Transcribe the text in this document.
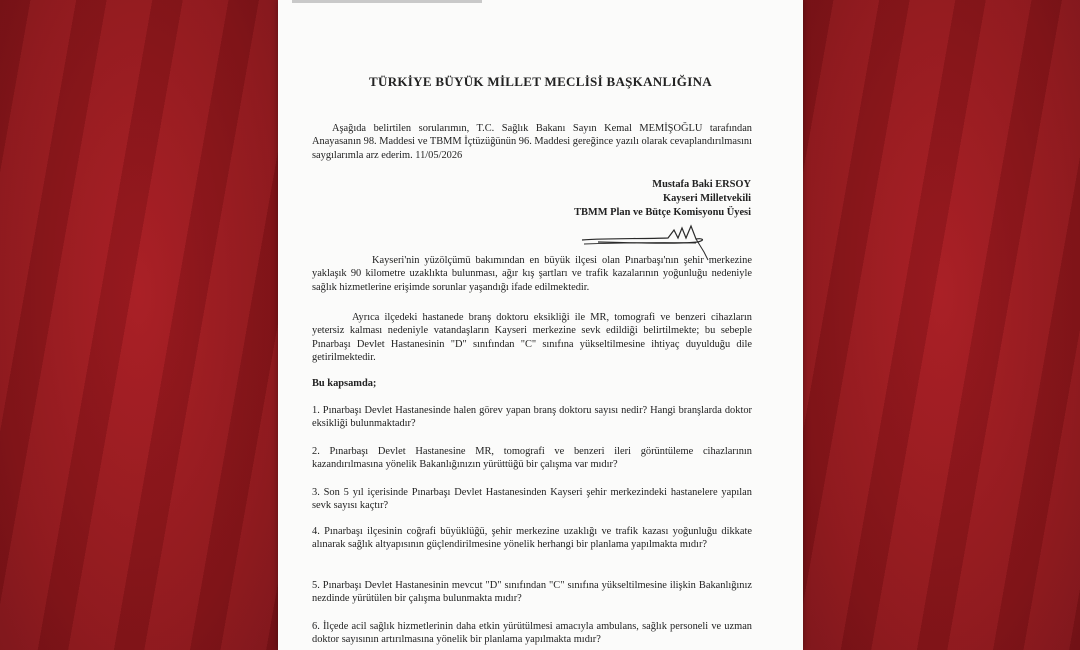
TÜRKİYE BÜYÜK MİLLET MECLİSİ BAŞKANLIĞINA
Aşağıda belirtilen sorularımın, T.C. Sağlık Bakanı Sayın Kemal MEMİŞOĞLU tarafından Anayasanın 98. Maddesi ve TBMM İçtüzüğünün 96. Maddesi gereğince yazılı olarak cevaplandırılmasını saygılarımla arz ederim. 11/05/2026
Mustafa Baki ERSOY
Kayseri Milletvekili
TBMM Plan ve Bütçe Komisyonu Üyesi
Kayseri'nin yüzölçümü bakımından en büyük ilçesi olan Pınarbaşı'nın şehir merkezine yaklaşık 90 kilometre uzaklıkta bulunması, ağır kış şartları ve trafik kazalarının yoğunluğu nedeniyle sağlık hizmetlerine erişimde sorunlar yaşandığı ifade edilmektedir.
Ayrıca ilçedeki hastanede branş doktoru eksikliği ile MR, tomografi ve benzeri cihazların yetersiz kalması nedeniyle vatandaşların Kayseri merkezine sevk edildiği belirtilmekte; bu sebeple Pınarbaşı Devlet Hastanesinin "D" sınıfından "C" sınıfına yükseltilmesine ihtiyaç duyulduğu dile getirilmektedir.
Bu kapsamda;
1. Pınarbaşı Devlet Hastanesinde halen görev yapan branş doktoru sayısı nedir? Hangi branşlarda doktor eksikliği bulunmaktadır?
2. Pınarbaşı Devlet Hastanesine MR, tomografi ve benzeri ileri görüntüleme cihazlarının kazandırılmasına yönelik Bakanlığınızın yürüttüğü bir çalışma var mıdır?
3. Son 5 yıl içerisinde Pınarbaşı Devlet Hastanesinden Kayseri şehir merkezindeki hastanelere yapılan sevk sayısı kaçtır?
4. Pınarbaşı ilçesinin coğrafi büyüklüğü, şehir merkezine uzaklığı ve trafik kazası yoğunluğu dikkate alınarak sağlık altyapısının güçlendirilmesine yönelik herhangi bir planlama yapılmakta mıdır?
5. Pınarbaşı Devlet Hastanesinin mevcut "D" sınıfından "C" sınıfına yükseltilmesine ilişkin Bakanlığınız nezdinde yürütülen bir çalışma bulunmakta mıdır?
6. İlçede acil sağlık hizmetlerinin daha etkin yürütülmesi amacıyla ambulans, sağlık personeli ve uzman doktor sayısının artırılmasına yönelik bir planlama yapılmakta mıdır?
